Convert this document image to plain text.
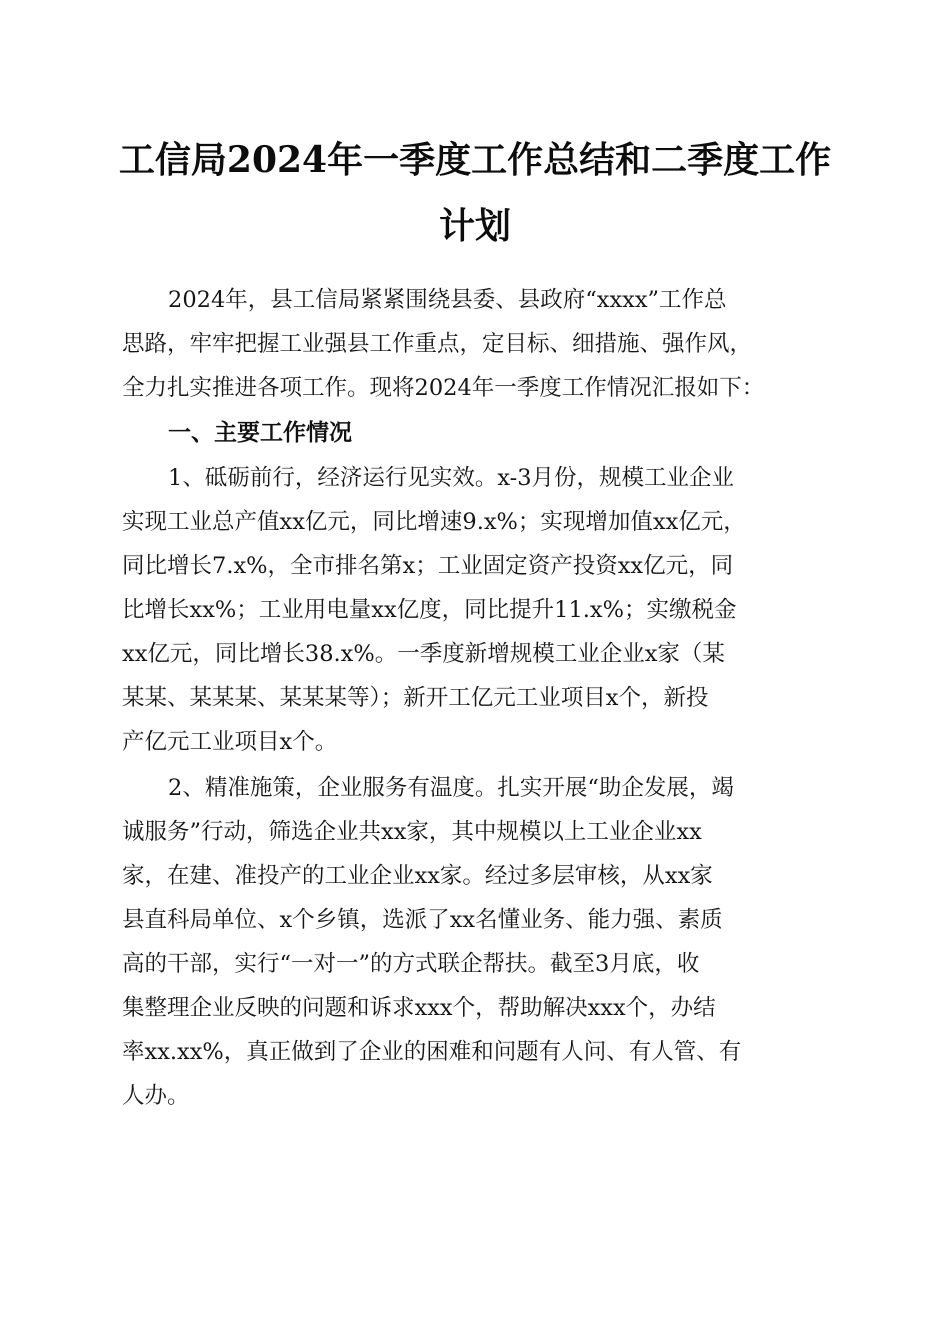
工信局2024年一季度工作总结和二季度工作
计划
2024年，县工信局紧紧围绕县委、县政府“xxxx”工作总
思路，牢牢把握工业强县工作重点，定目标、细措施、强作风，
全力扎实推进各项工作。现将2024年一季度工作情况汇报如下：
一、主要工作情况
1、砥砺前行，经济运行见实效。x-3月份，规模工业企业
实现工业总产值xx亿元，同比增速9.x%；实现增加值xx亿元，
同比增长7.x%，全市排名第x；工业固定资产投资xx亿元，同
比增长xx%；工业用电量xx亿度，同比提升11.x%；实缴税金
xx亿元，同比增长38.x%。一季度新增规模工业企业x家（某
某某、某某某、某某某等）；新开工亿元工业项目x个，新投
产亿元工业项目x个。
2、精准施策，企业服务有温度。扎实开展“助企发展，竭
诚服务”行动，筛选企业共xx家，其中规模以上工业企业xx
家，在建、准投产的工业企业xx家。经过多层审核，从xx家
县直科局单位、x个乡镇，选派了xx名懂业务、能力强、素质
高的干部，实行“一对一”的方式联企帮扶。截至3月底，收
集整理企业反映的问题和诉求xxx个，帮助解决xxx个，办结
率xx.xx%，真正做到了企业的困难和问题有人问、有人管、有
人办。
